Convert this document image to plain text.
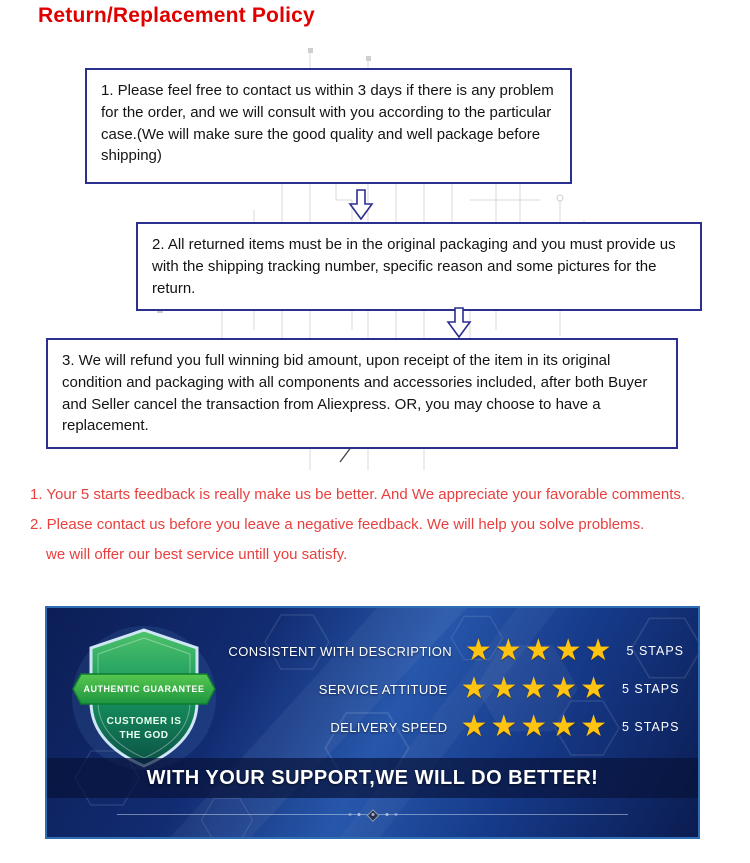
Return/Replacement Policy

1. Please feel free to contact us within 3 days if there is any problem for the order, and we will consult with you according to the particular case.(We will make sure the good quality and well package before shipping)

2. All returned items must be in the original packaging and you must provide us with the shipping tracking number, specific reason and some pictures for the return.

3. We will refund you full winning bid amount, upon receipt of the item in its original condition and packaging with all components and accessories included, after both Buyer and Seller cancel the transaction from Aliexpress. OR, you may choose to have a replacement.

1. Your 5 starts feedback is really make us be better. And We appreciate your favorable comments.

2. Please contact us before you leave a negative feedback. We will help you solve problems.

we will offer our best service untill you satisfy.

AUTHENTIC GUARANTEE
CUSTOMER IS
THE GOD
CONSISTENT WITH DESCRIPTION ★★★★★ 5 STAPS
SERVICE ATTITUDE ★★★★★ 5 STAPS
DELIVERY SPEED ★★★★★ 5 STAPS
WITH YOUR SUPPORT,WE WILL DO BETTER!
